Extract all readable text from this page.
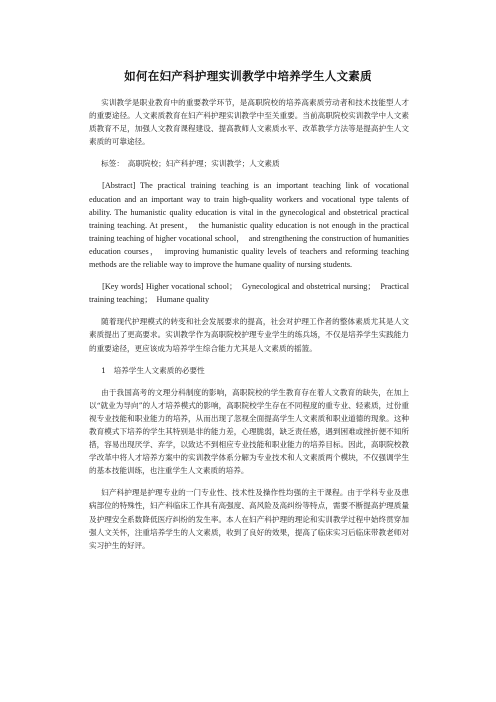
如何在妇产科护理实训教学中培养学生人文素质

实训教学是职业教育中的重要教学环节，是高职院校的培养高素质劳动者和技术技能型人才的重要途径。人文素质教育在妇产科护理实训教学中至关重要。当前高职院校实训教学中人文素质教育不足，加强人文教育课程建设、提高教师人文素质水平、改革教学方法等是提高护生人文素质的可靠途径。

标签：　高职院校；妇产科护理；实训教学；人文素质

[Abstract] The practical training teaching is an important teaching link of vocational education and an important way to train high-quality workers and vocational type talents of ability. The humanistic quality education is vital in the gynecological and obstetrical practical training teaching. At present，　the humanistic quality education is not enough in the practical training teaching of higher vocational school，　and strengthening the construction of humanities education courses，　improving humanistic quality levels of teachers and reforming teaching methods are the reliable way to improve the humane quality of nursing students.

[Key words] Higher vocational school；　Gynecological and obstetrical nursing；　Practical training teaching；　Humane quality

随着现代护理模式的转变和社会发展要求的提高，社会对护理工作者的整体素质尤其是人文素质提出了更高要求。实训教学作为高职院校护理专业学生的练兵场，不仅是培养学生实践能力的重要途径，更应该成为培养学生综合能力尤其是人文素质的摇篮。

1　培养学生人文素质的必要性

由于我国高考的文理分科制度的影响，高职院校的学生教育存在着人文教育的缺失，在加上以“就业为导向”的人才培养模式的影响，高职院校学生存在不同程度的重专业、轻素质，过份重视专业技能和职业能力的培养，从而出现了忽视全面提高学生人文素质和职业道德的现象。这种教育模式下培养的学生其特别是非的能力差，心理脆弱，缺乏责任感，遇到困难或挫折便不知所措，容易出现厌学、弃学，以致达不到相应专业技能和职业能力的培养目标。因此，高职院校教学改革中将人才培养方案中的实训教学体系分解为专业技术和人文素质两个模块，不仅强调学生的基本技能训练，也注重学生人文素质的培养。

妇产科护理是护理专业的一门专业性、技术性及操作性均强的主干课程。由于学科专业及患病部位的特殊性，妇产科临床工作具有高强度、高风险及高纠纷等特点，需要不断提高护理质量及护理安全系数降低医疗纠纷的发生率。本人在妇产科护理的理论和实训教学过程中始终贯穿加强人文关怀，注重培养学生的人文素质，收到了良好的效果，提高了临床实习后临床带教老师对实习护生的好评。
